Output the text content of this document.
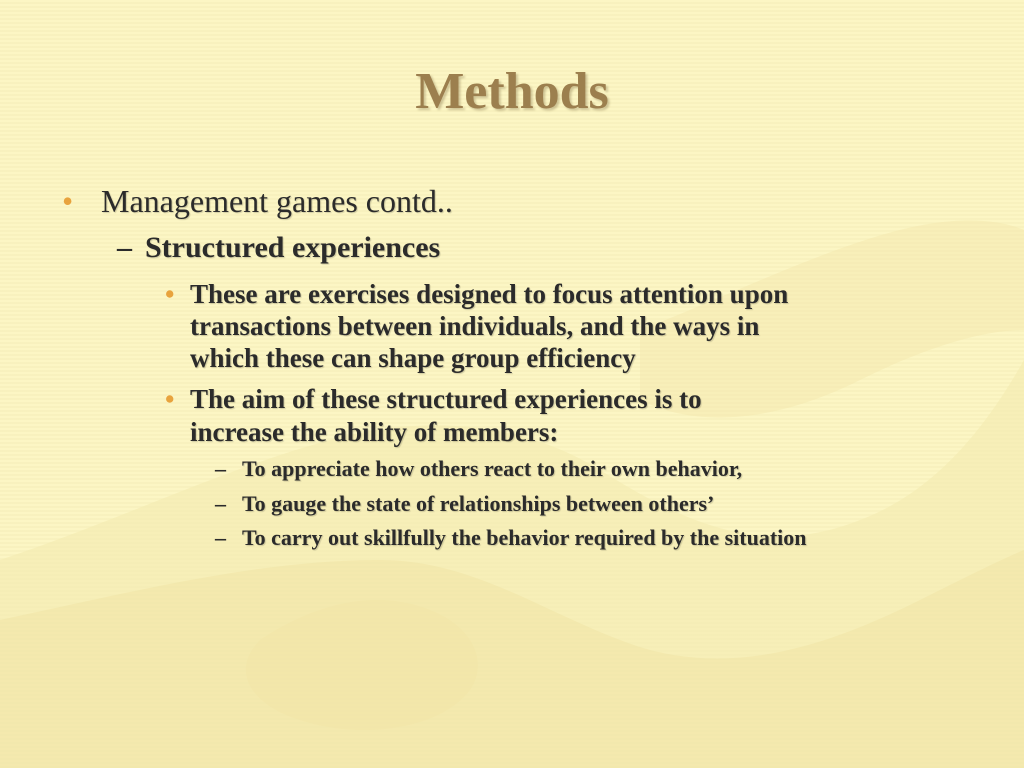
Methods
• Management games contd..
– Structured experiences
• These are exercises designed to focus attention upon
transactions between individuals, and the ways in
which these can shape group efficiency
• The aim of these structured experiences is to
increase the ability of members:
– To appreciate how others react to their own behavior,
– To gauge the state of relationships between others’
– To carry out skillfully the behavior required by the situation
